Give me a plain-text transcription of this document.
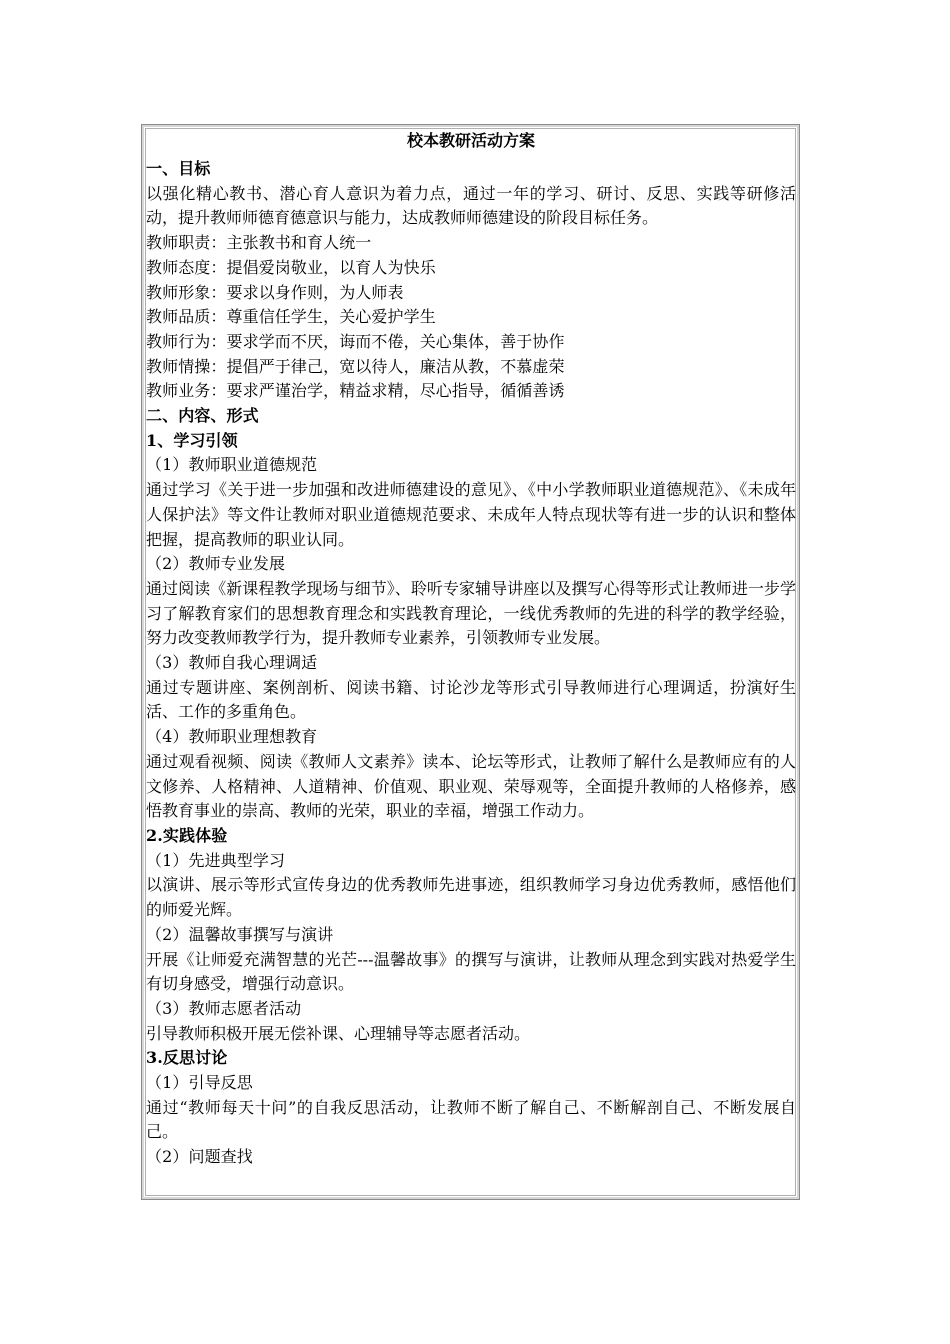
校本教研活动方案
一、目标
以强化精心教书、潜心育人意识为着力点，通过一年的学习、研讨、反思、实践等研修活动，提升教师师德育德意识与能力，达成教师师德建设的阶段目标任务。
教师职责：主张教书和育人统一
教师态度：提倡爱岗敬业，以育人为快乐
教师形象：要求以身作则，为人师表
教师品质：尊重信任学生，关心爱护学生
教师行为：要求学而不厌，诲而不倦，关心集体，善于协作
教师情操：提倡严于律己，宽以待人，廉洁从教，不慕虚荣
教师业务：要求严谨治学，精益求精，尽心指导，循循善诱
二、内容、形式
1、学习引领
（1）教师职业道德规范
通过学习《关于进一步加强和改进师德建设的意见》、《中小学教师职业道德规范》、《未成年人保护法》等文件让教师对职业道德规范要求、未成年人特点现状等有进一步的认识和整体把握，提高教师的职业认同。
（2）教师专业发展
通过阅读《新课程教学现场与细节》、聆听专家辅导讲座以及撰写心得等形式让教师进一步学习了解教育家们的思想教育理念和实践教育理论，一线优秀教师的先进的科学的教学经验，努力改变教师教学行为，提升教师专业素养，引领教师专业发展。
（3）教师自我心理调适
通过专题讲座、案例剖析、阅读书籍、讨论沙龙等形式引导教师进行心理调适，扮演好生活、工作的多重角色。
（4）教师职业理想教育
通过观看视频、阅读《教师人文素养》读本、论坛等形式，让教师了解什么是教师应有的人文修养、人格精神、人道精神、价值观、职业观、荣辱观等，全面提升教师的人格修养，感悟教育事业的崇高、教师的光荣，职业的幸福，增强工作动力。
2.实践体验
（1）先进典型学习
以演讲、展示等形式宣传身边的优秀教师先进事迹，组织教师学习身边优秀教师，感悟他们的师爱光辉。
（2）温馨故事撰写与演讲
开展《让师爱充满智慧的光芒---温馨故事》的撰写与演讲，让教师从理念到实践对热爱学生有切身感受，增强行动意识。
（3）教师志愿者活动
引导教师积极开展无偿补课、心理辅导等志愿者活动。
3.反思讨论
（1）引导反思
通过“教师每天十问”的自我反思活动，让教师不断了解自己、不断解剖自己、不断发展自己。
（2）问题查找
